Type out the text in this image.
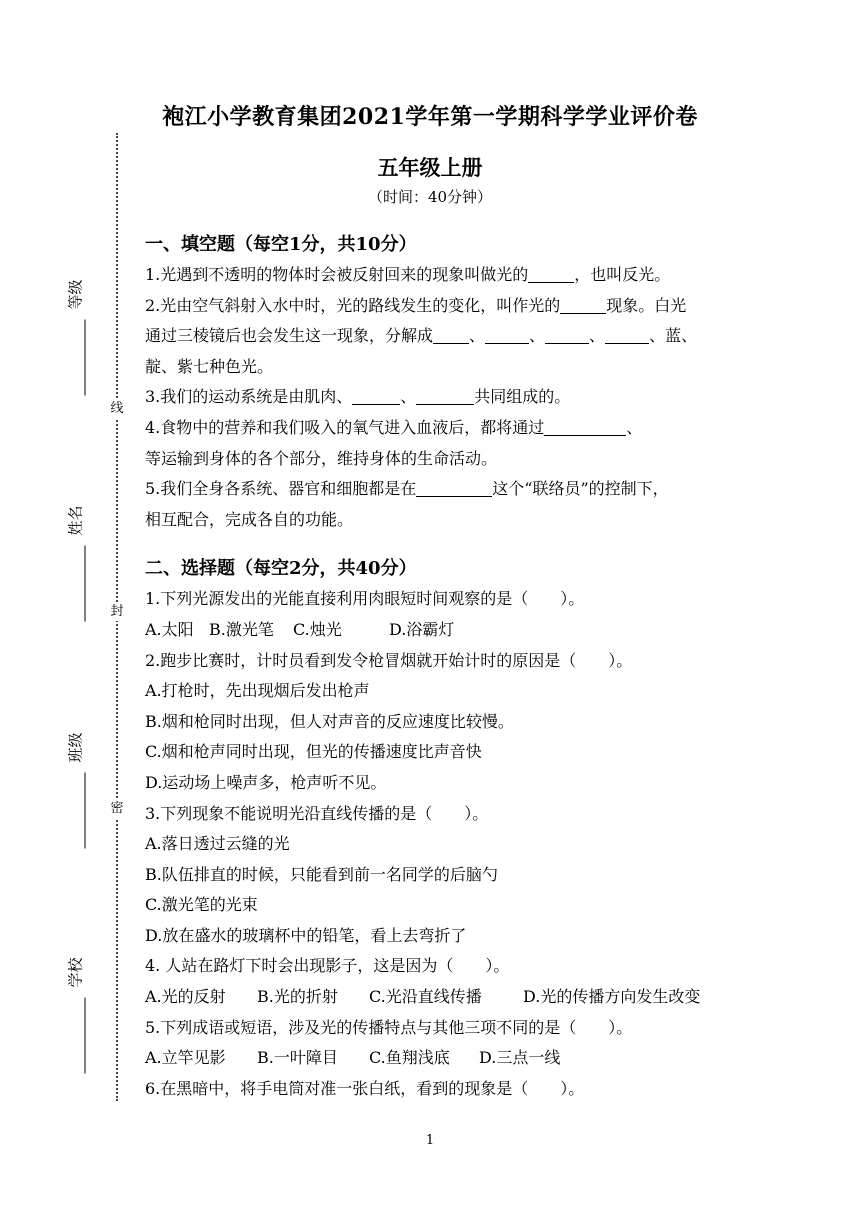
线
封
密
等级
姓名
班级
学校
袍江小学教育集团2021学年第一学期科学学业评价卷
五年级上册
（时间：40分钟）

一、填空题（每空1分，共10分）

1.光遇到不透明的物体时会被反射回来的现象叫做光的	，也叫反光。

2.光由空气斜射入水中时，光的路线发生的变化，叫作光的	现象。白光

通过三棱镜后也会发生这一现象，分解成 、	、	、	、蓝、

靛、紫七种色光。

3.我们的运动系统是由肌肉、	、	共同组成的。

4.食物中的营养和我们吸入的氧气进入血液后，都将通过	、

等运输到身体的各个部分，维持身体的生命活动。

5.我们全身各系统、器官和细胞都是在	这个“联络员”的控制下，

相互配合，完成各自的功能。

二、选择题（每空2分，共40分）

1.下列光源发出的光能直接利用肉眼短时间观察的是（　　）。

A.太阳 B.激光笔	C.烛光	D.浴霸灯

2.跑步比赛时，计时员看到发令枪冒烟就开始计时的原因是（　　）。

A.打枪时，先出现烟后发出枪声

B.烟和枪同时出现，但人对声音的反应速度比较慢。

C.烟和枪声同时出现，但光的传播速度比声音快

D.运动场上噪声多，枪声听不见。

3.下列现象不能说明光沿直线传播的是（　　）。

A.落日透过云缝的光

B.队伍排直的时候，只能看到前一名同学的后脑勺

C.激光笔的光束

D.放在盛水的玻璃杯中的铅笔，看上去弯折了

4. 人站在路灯下时会出现影子，这是因为（　　）。

A.光的反射	B.光的折射	C.光沿直线传播	D.光的传播方向发生改变

5.下列成语或短语，涉及光的传播特点与其他三项不同的是（　　）。

A.立竿见影	B.一叶障目	C.鱼翔浅底	D.三点一线

6.在黑暗中，将手电筒对准一张白纸，看到的现象是（　　）。

1
